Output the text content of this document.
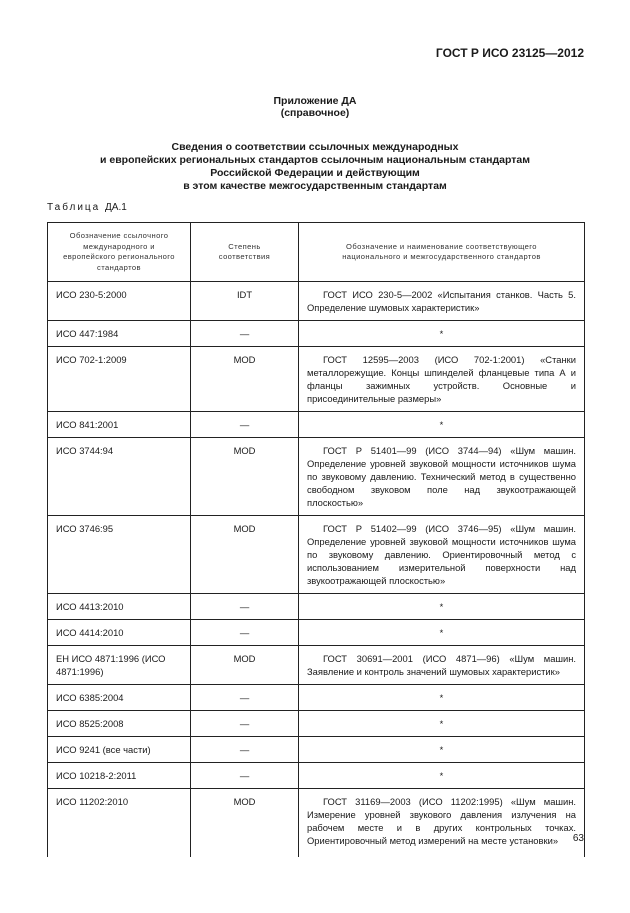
ГОСТ Р ИСО 23125—2012
Приложение ДА
(справочное)
Сведения о соответствии ссылочных международных
и европейских региональных стандартов ссылочным национальным стандартам
Российской Федерации и действующим
в этом качестве межгосударственным стандартам
Таблица ДА.1
Обозначение ссылочного международного и европейского регионального стандартов	Степень соответствия	Обозначение и наименование соответствующего национального и межгосударственного стандартов
ИСО 230-5:2000	IDT	ГОСТ ИСО 230-5—2002 «Испытания станков. Часть 5. Определение шумовых характеристик»
ИСО 447:1984	—	*
ИСО 702-1:2009	MOD	ГОСТ 12595—2003 (ИСО 702-1:2001) «Станки металлорежущие. Концы шпинделей фланцевые типа А и фланцы зажимных устройств. Основные и присоединительные размеры»
ИСО 841:2001	—	*
ИСО 3744:94	MOD	ГОСТ Р 51401—99 (ИСО 3744—94) «Шум машин. Определение уровней звуковой мощности источников шума по звуковому давлению. Технический метод в существенно свободном звуковом поле над звукоотражающей плоскостью»
ИСО 3746:95	MOD	ГОСТ Р 51402—99 (ИСО 3746—95) «Шум машин. Определение уровней звуковой мощности источников шума по звуковому давлению. Ориентировочный метод с использованием измерительной поверхности над звукоотражающей плоскостью»
ИСО 4413:2010	—	*
ИСО 4414:2010	—	*
ЕН ИСО 4871:1996 (ИСО 4871:1996)	MOD	ГОСТ 30691—2001 (ИСО 4871—96) «Шум машин. Заявление и контроль значений шумовых характеристик»
ИСО 6385:2004	—	*
ИСО 8525:2008	—	*
ИСО 9241 (все части)	—	*
ИСО 10218-2:2011	—	*
ИСО 11202:2010	MOD	ГОСТ 31169—2003 (ИСО 11202:1995) «Шум машин. Измерение уровней звукового давления излучения на рабочем месте и в других контрольных точках. Ориентировочный метод измерений на месте установки» 63
